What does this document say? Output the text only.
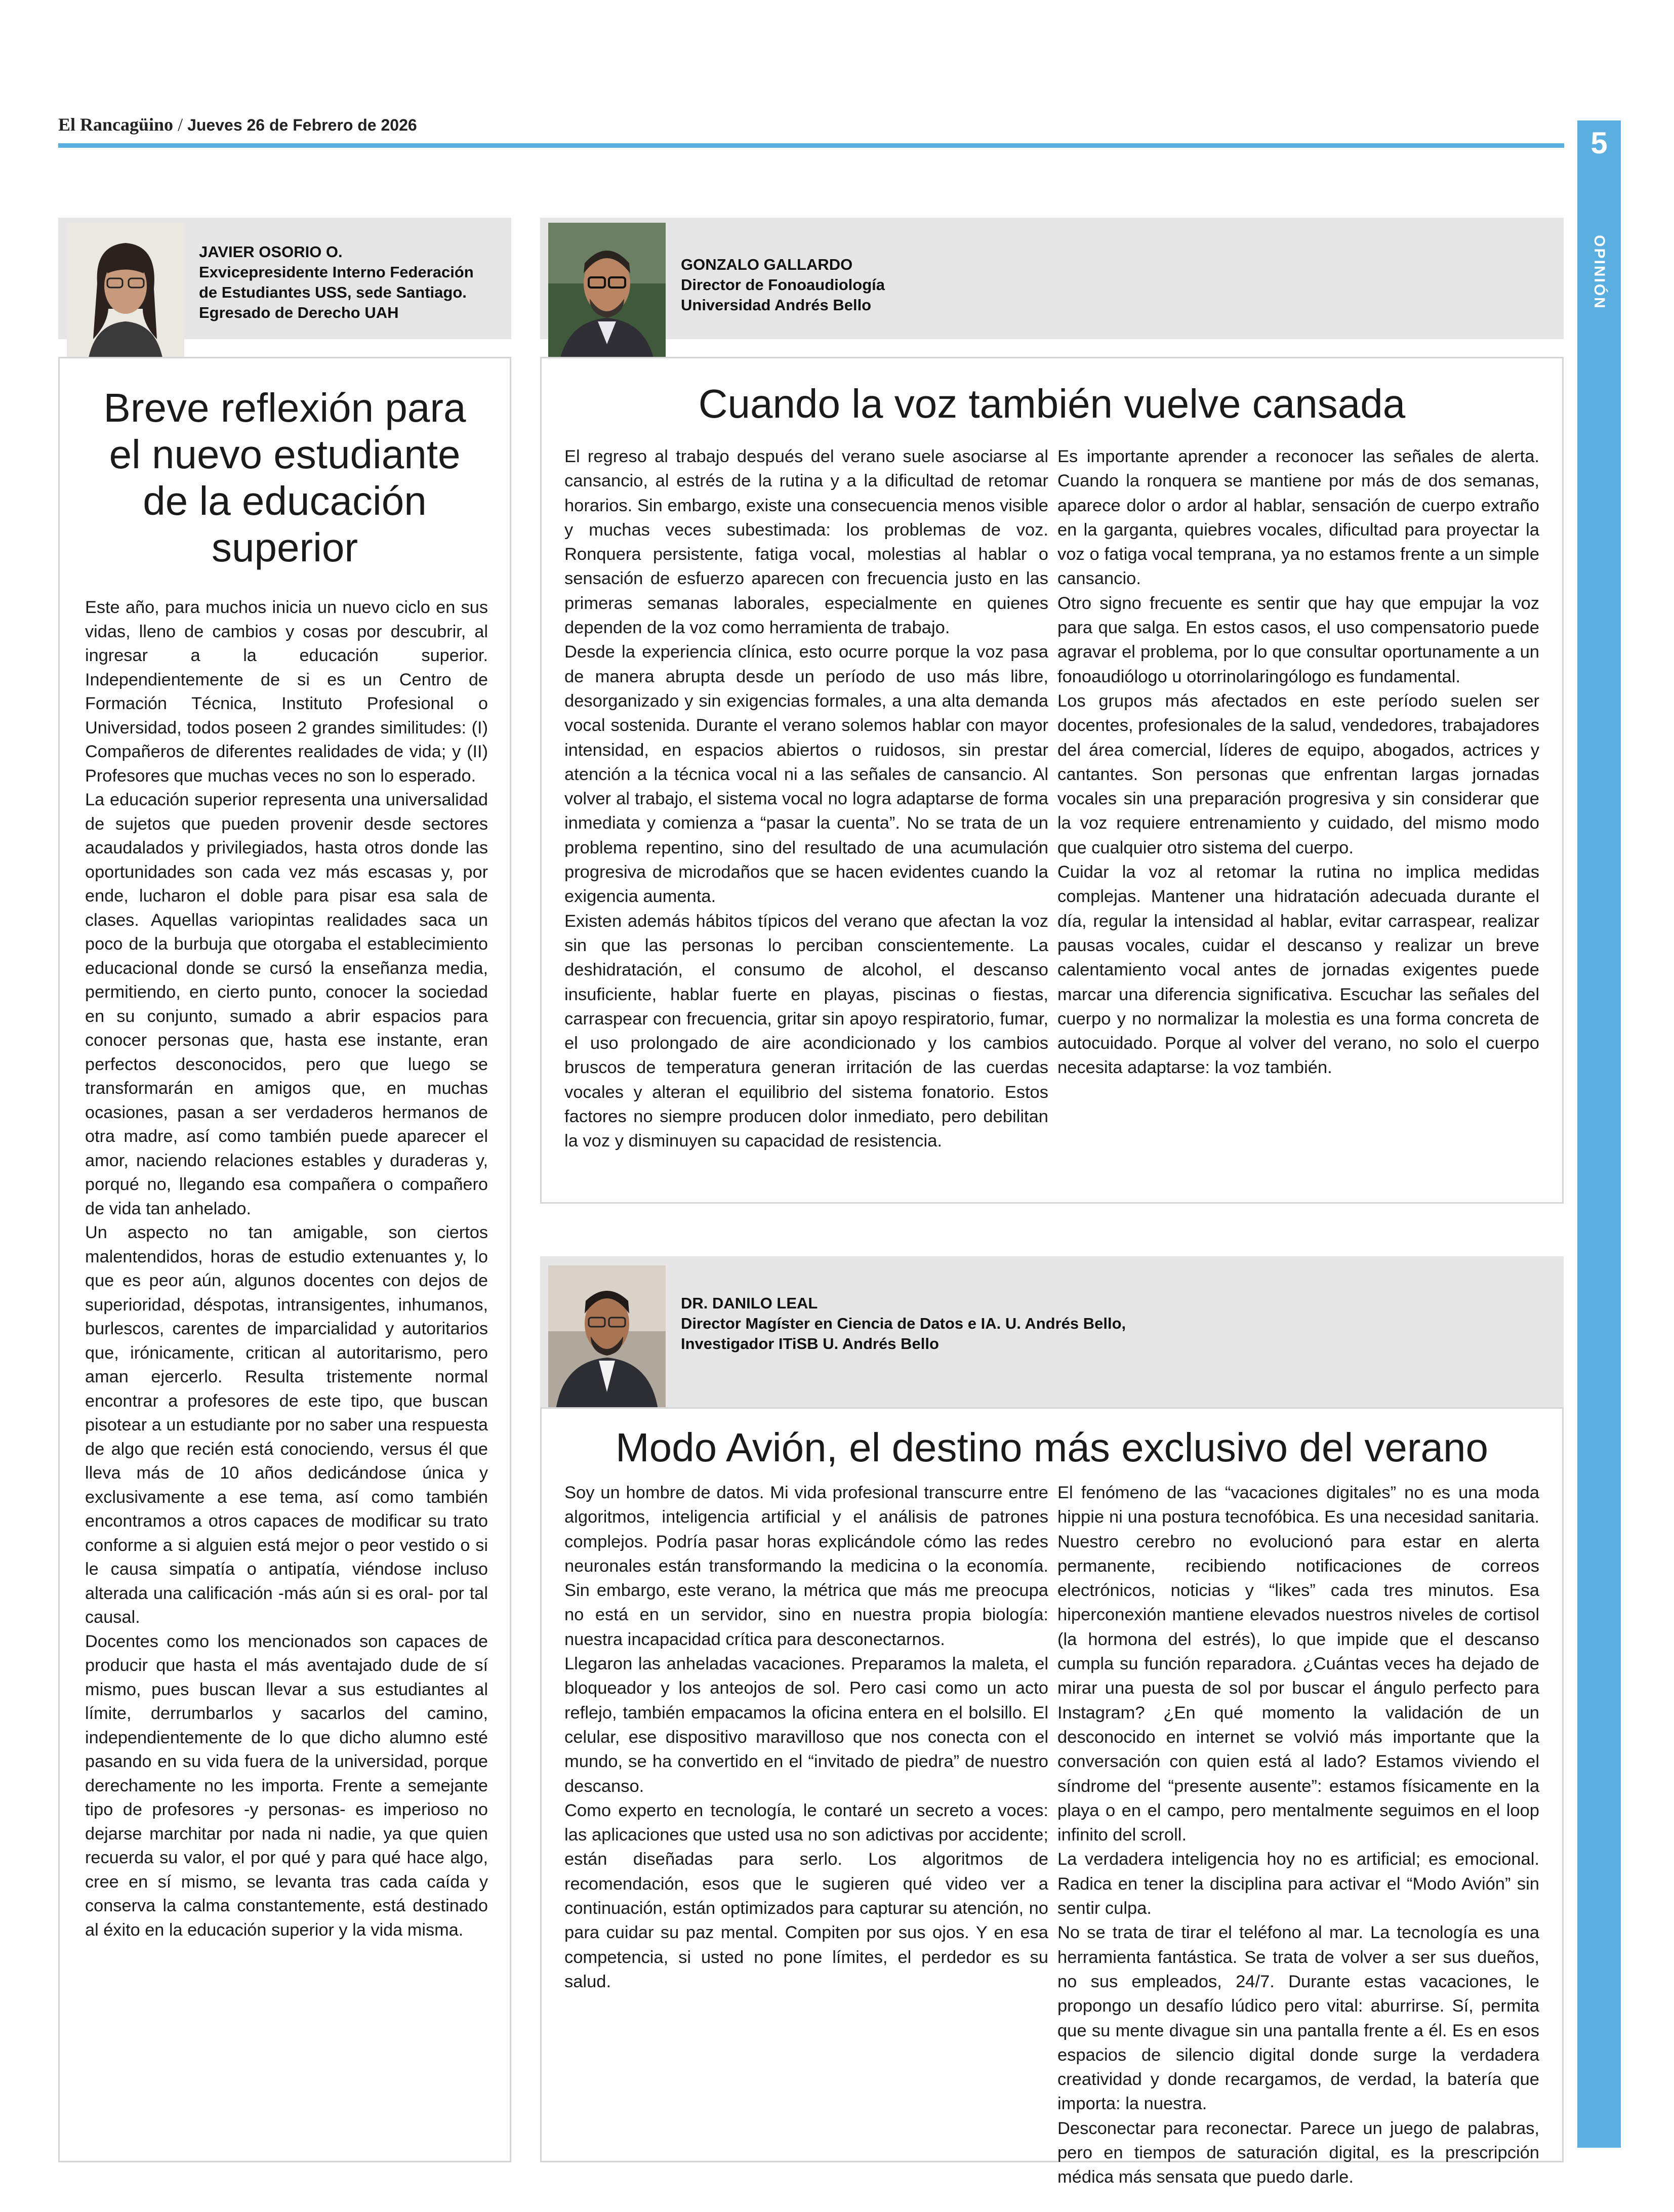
El Rancagüino / Jueves 26 de Febrero de 2026
5
OPINIÓN
JAVIER OSORIO O.
Exvicepresidente Interno Federación
de Estudiantes USS, sede Santiago.
Egresado de Derecho UAH
Breve reflexión para
el nuevo estudiante
de la educación
superior

Este año, para muchos inicia un nuevo ciclo en sus vidas, lleno de cambios y cosas por descubrir, al ingresar a la educación superior. Independientemente de si es un Centro de Formación Técnica, Instituto Profesional o Universidad, todos poseen 2 grandes similitudes: (I) Compañeros de diferentes realidades de vida; y (II) Profesores que muchas veces no son lo esperado.

La educación superior representa una universalidad de sujetos que pueden provenir desde sectores acaudalados y privilegiados, hasta otros donde las oportunidades son cada vez más escasas y, por ende, lucharon el doble para pisar esa sala de clases. Aquellas variopintas realidades saca un poco de la burbuja que otorgaba el establecimiento educacional donde se cursó la enseñanza media, permitiendo, en cierto punto, conocer la sociedad en su conjunto, sumado a abrir espacios para conocer personas que, hasta ese instante, eran perfectos desconocidos, pero que luego se transformarán en amigos que, en muchas ocasiones, pasan a ser verdaderos hermanos de otra madre, así como también puede aparecer el amor, naciendo relaciones estables y duraderas y, porqué no, llegando esa compañera o compañero de vida tan anhelado.

Un aspecto no tan amigable, son ciertos malentendidos, horas de estudio extenuantes y, lo que es peor aún, algunos docentes con dejos de superioridad, déspotas, intransigentes, inhumanos, burlescos, carentes de imparcialidad y autoritarios que, irónicamente, critican al autoritarismo, pero aman ejercerlo. Resulta tristemente normal encontrar a profesores de este tipo, que buscan pisotear a un estudiante por no saber una respuesta de algo que recién está conociendo, versus él que lleva más de 10 años dedicándose única y exclusivamente a ese tema, así como también encontramos a otros capaces de modificar su trato conforme a si alguien está mejor o peor vestido o si le causa simpatía o antipatía, viéndose incluso alterada una calificación -más aún si es oral- por tal causal.

Docentes como los mencionados son capaces de producir que hasta el más aventajado dude de sí mismo, pues buscan llevar a sus estudiantes al límite, derrumbarlos y sacarlos del camino, independientemente de lo que dicho alumno esté pasando en su vida fuera de la universidad, porque derechamente no les importa. Frente a semejante tipo de profesores -y personas- es imperioso no dejarse marchitar por nada ni nadie, ya que quien recuerda su valor, el por qué y para qué hace algo, cree en sí mismo, se levanta tras cada caída y conserva la calma constantemente, está destinado al éxito en la educación superior y la vida misma.

GONZALO GALLARDO
Director de Fonoaudiología
Universidad Andrés Bello
Cuando la voz también vuelve cansada

El regreso al trabajo después del verano suele asociarse al cansancio, al estrés de la rutina y a la dificultad de retomar horarios. Sin embargo, existe una consecuencia menos visible y muchas veces subestimada: los problemas de voz. Ronquera persistente, fatiga vocal, molestias al hablar o sensación de esfuerzo aparecen con frecuencia justo en las primeras semanas laborales, especialmente en quienes dependen de la voz como herramienta de trabajo.

Desde la experiencia clínica, esto ocurre porque la voz pasa de manera abrupta desde un período de uso más libre, desorganizado y sin exigencias formales, a una alta demanda vocal sostenida. Durante el verano solemos hablar con mayor intensidad, en espacios abiertos o ruidosos, sin prestar atención a la técnica vocal ni a las señales de cansancio. Al volver al trabajo, el sistema vocal no logra adaptarse de forma inmediata y comienza a “pasar la cuenta”. No se trata de un problema repentino, sino del resultado de una acumulación progresiva de microdaños que se hacen evidentes cuando la exigencia aumenta.

Existen además hábitos típicos del verano que afectan la voz sin que las personas lo perciban conscientemente. La deshidratación, el consumo de alcohol, el descanso insuficiente, hablar fuerte en playas, piscinas o fiestas, carraspear con frecuencia, gritar sin apoyo respiratorio, fumar, el uso prolongado de aire acondicionado y los cambios bruscos de temperatura generan irritación de las cuerdas vocales y alteran el equilibrio del sistema fonatorio. Estos factores no siempre producen dolor inmediato, pero debilitan la voz y disminuyen su capacidad de resistencia.

Es importante aprender a reconocer las señales de alerta. Cuando la ronquera se mantiene por más de dos semanas, aparece dolor o ardor al hablar, sensación de cuerpo extraño en la garganta, quiebres vocales, dificultad para proyectar la voz o fatiga vocal temprana, ya no estamos frente a un simple cansancio.

Otro signo frecuente es sentir que hay que empujar la voz para que salga. En estos casos, el uso compensatorio puede agravar el problema, por lo que consultar oportunamente a un fonoaudiólogo u otorrinolaringólogo es fundamental.

Los grupos más afectados en este período suelen ser docentes, profesionales de la salud, vendedores, trabajadores del área comercial, líderes de equipo, abogados, actrices y cantantes. Son personas que enfrentan largas jornadas vocales sin una preparación progresiva y sin considerar que la voz requiere entrenamiento y cuidado, del mismo modo que cualquier otro sistema del cuerpo.

Cuidar la voz al retomar la rutina no implica medidas complejas. Mantener una hidratación adecuada durante el día, regular la intensidad al hablar, evitar carraspear, realizar pausas vocales, cuidar el descanso y realizar un breve calentamiento vocal antes de jornadas exigentes puede marcar una diferencia significativa. Escuchar las señales del cuerpo y no normalizar la molestia es una forma concreta de autocuidado. Porque al volver del verano, no solo el cuerpo necesita adaptarse: la voz también.

DR. DANILO LEAL
Director Magíster en Ciencia de Datos e IA. U. Andrés Bello,
Investigador ITiSB U. Andrés Bello
Modo Avión, el destino más exclusivo del verano

Soy un hombre de datos. Mi vida profesional transcurre entre algoritmos, inteligencia artificial y el análisis de patrones complejos. Podría pasar horas explicándole cómo las redes neuronales están transformando la medicina o la economía. Sin embargo, este verano, la métrica que más me preocupa no está en un servidor, sino en nuestra propia biología: nuestra incapacidad crítica para desconectarnos.

Llegaron las anheladas vacaciones. Preparamos la maleta, el bloqueador y los anteojos de sol. Pero casi como un acto reflejo, también empacamos la oficina entera en el bolsillo. El celular, ese dispositivo maravilloso que nos conecta con el mundo, se ha convertido en el “invitado de piedra” de nuestro descanso.

Como experto en tecnología, le contaré un secreto a voces: las aplicaciones que usted usa no son adictivas por accidente; están diseñadas para serlo. Los algoritmos de recomendación, esos que le sugieren qué video ver a continuación, están optimizados para capturar su atención, no para cuidar su paz mental. Compiten por sus ojos. Y en esa competencia, si usted no pone límites, el perdedor es su salud.

El fenómeno de las “vacaciones digitales” no es una moda hippie ni una postura tecnofóbica. Es una necesidad sanitaria. Nuestro cerebro no evolucionó para estar en alerta permanente, recibiendo notificaciones de correos electrónicos, noticias y “likes” cada tres minutos. Esa hiperconexión mantiene elevados nuestros niveles de cortisol (la hormona del estrés), lo que impide que el descanso cumpla su función reparadora. ¿Cuántas veces ha dejado de mirar una puesta de sol por buscar el ángulo perfecto para Instagram? ¿En qué momento la validación de un desconocido en internet se volvió más importante que la conversación con quien está al lado? Estamos viviendo el síndrome del “presente ausente”: estamos físicamente en la playa o en el campo, pero mentalmente seguimos en el loop infinito del scroll.

La verdadera inteligencia hoy no es artificial; es emocional. Radica en tener la disciplina para activar el “Modo Avión” sin sentir culpa.

No se trata de tirar el teléfono al mar. La tecnología es una herramienta fantástica. Se trata de volver a ser sus dueños, no sus empleados, 24/7. Durante estas vacaciones, le propongo un desafío lúdico pero vital: aburrirse. Sí, permita que su mente divague sin una pantalla frente a él. Es en esos espacios de silencio digital donde surge la verdadera creatividad y donde recargamos, de verdad, la batería que importa: la nuestra.

Desconectar para reconectar. Parece un juego de palabras, pero en tiempos de saturación digital, es la prescripción médica más sensata que puedo darle.
